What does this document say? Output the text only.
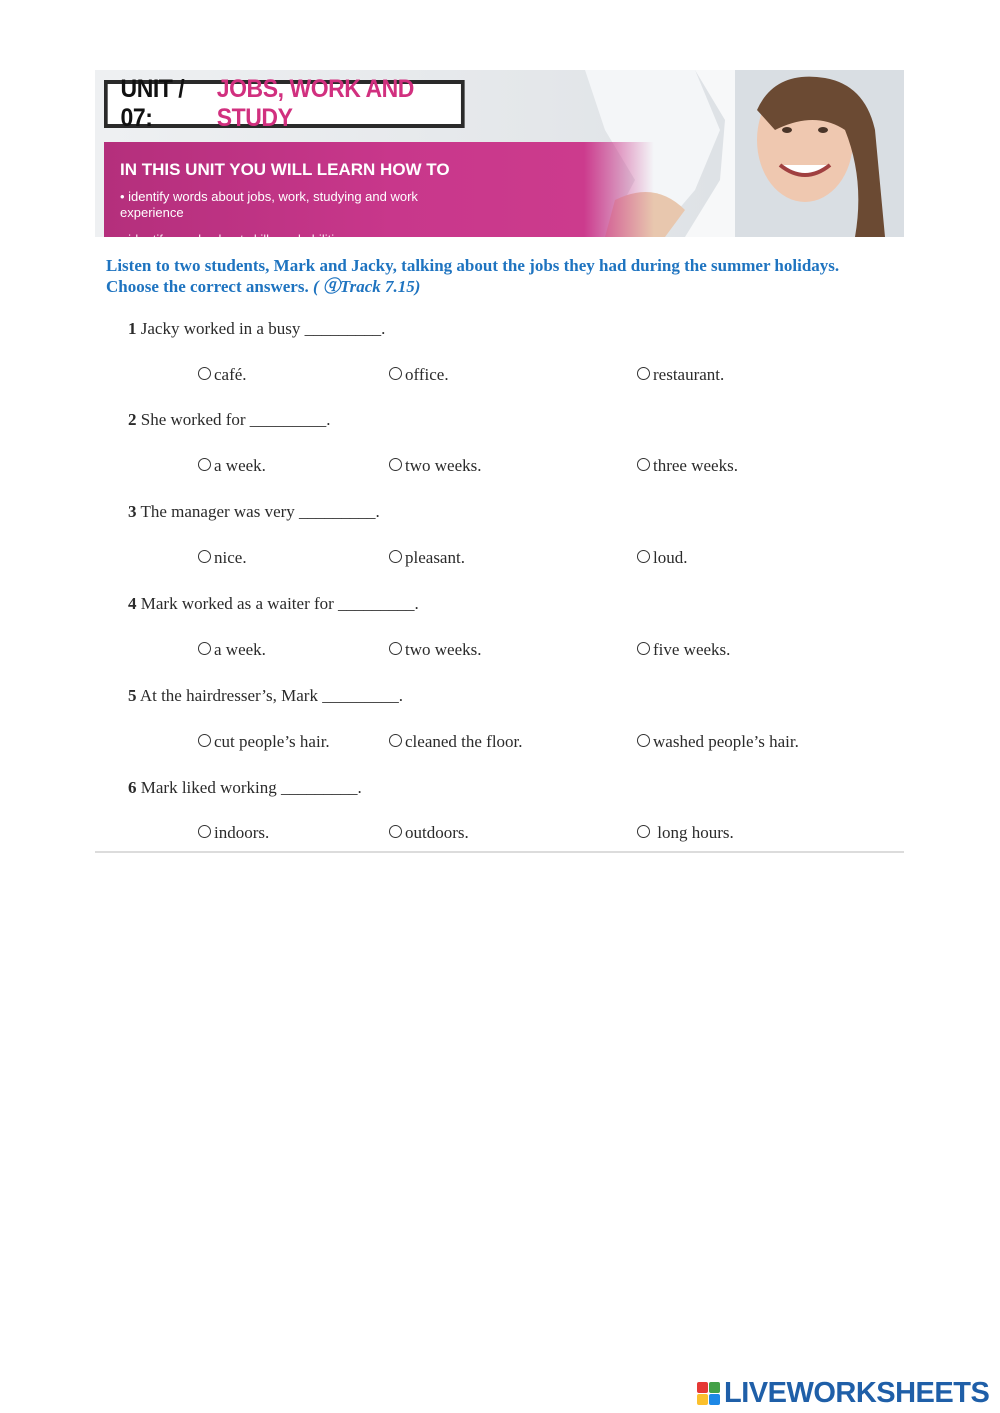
UNIT / 07:
JOBS, WORK AND STUDY
IN THIS UNIT YOU WILL LEARN HOW TO
• identify words about jobs, work, studying and work experience
• identify words about skills and abilities
Listen to two students, Mark and Jacky, talking about the jobs they had during the summer holidays. Choose the correct answers. ( ⓠTrack 7.15)
1 Jacky worked in a busy _________.
café.	office.	restaurant.
2 She worked for _________.
a week.	two weeks.	three weeks.
3 The manager was very _________.
nice.	pleasant.	loud.
4 Mark worked as a waiter for _________.
a week.	two weeks.	five weeks.
5 At the hairdresser’s, Mark _________.
cut people’s hair.	cleaned the floor.	washed people’s hair.
6 Mark liked working _________.
indoors.	outdoors.	long hours.
LIVEWORKSHEETS
